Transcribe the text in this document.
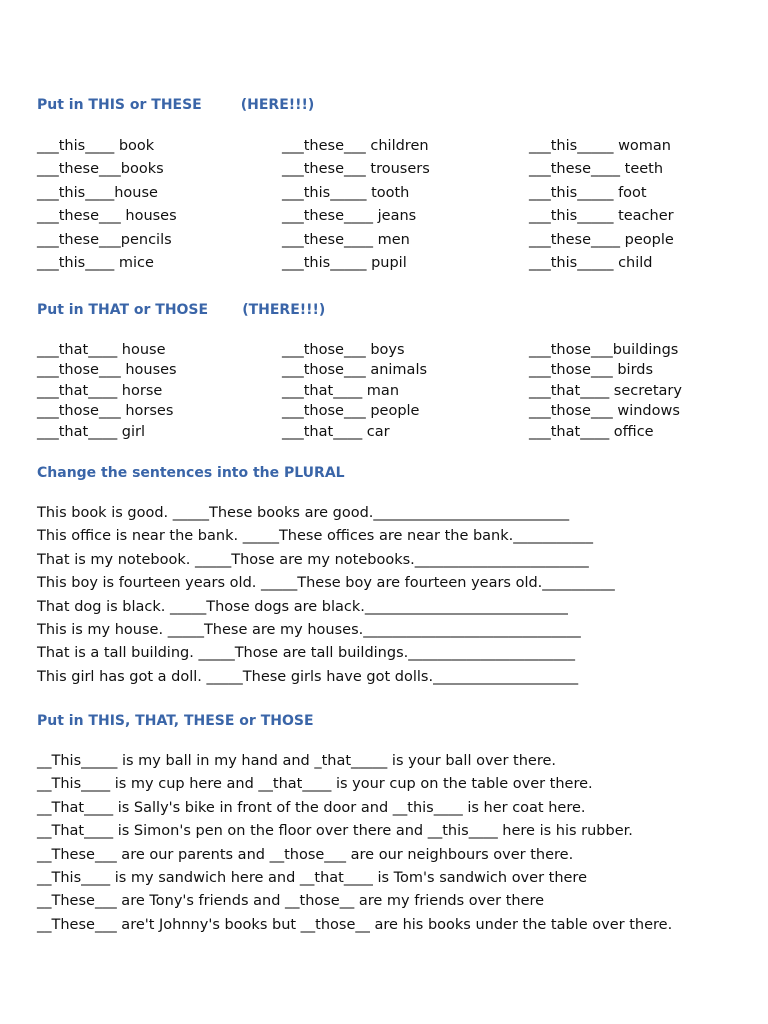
Put in THIS or THESE        (HERE!!!)
___this____ book	___these___ children	___this_____ woman
___these___books	___these___ trousers	___these____ teeth
___this____house	___this_____ tooth	___this_____ foot
___these___ houses	___these____ jeans	___this_____ teacher
___these___pencils	___these____ men	___these____ people
___this____ mice	___this_____ pupil	___this_____ child
Put in THAT or THOSE       (THERE!!!)
___that____ house	___those___ boys	___those___buildings
___those___ houses	___those___ animals	___those___ birds
___that____ horse	___that____ man	___that____ secretary
___those___ horses	___those___ people	___those___ windows
___that____ girl	___that____ car	___that____ office
Change the sentences into the PLURAL
This book is good. _____These books are good.___________________________
This office is near the bank. _____These offices are near the bank.___________
That is my notebook. _____Those are my notebooks.________________________
This boy is fourteen years old. _____These boy are fourteen years old.__________
That dog is black. _____Those dogs are black.____________________________
This is my house. _____These are my houses.______________________________
That is a tall building. _____Those are tall buildings._______________________
This girl has got a doll. _____These girls have got dolls.____________________
Put in THIS, THAT, THESE or THOSE
__This_____ is my ball in my hand and _that_____ is your ball over there.
__This____ is my cup here and __that____ is your cup on the table over there.
__That____ is Sally's bike in front of the door and __this____ is her coat here.
__That____ is Simon's pen on the floor over there and __this____ here is his rubber.
__These___ are our parents and __those___ are our neighbours over there.
__This____ is my sandwich here and __that____ is Tom's sandwich over there
__These___ are Tony's friends and __those__ are my friends over there
__These___ are't Johnny's books but __those__ are his books under the table over there.
